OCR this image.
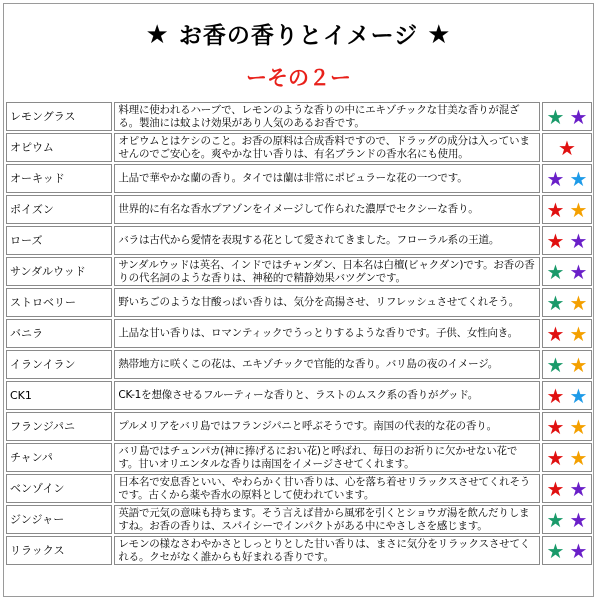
★ お香の香りとイメージ ★
ーその２ー
レモングラス	料理に使われるハーブで、レモンのような香りの中にエキゾチックな甘美な香りが混ざる。製油には蚊よけ効果があり人気のあるお香です。	★ ★
オピウム	オピウムとはケシのこと。お香の原料は合成香料ですので、ドラッグの成分は入っていませんのでご安心を。爽やかな甘い香りは、有名ブランドの香水名にも使用。	★
オーキッド	上品で華やかな蘭の香り。タイでは蘭は非常にポピュラーな花の一つです。	★ ★
ポイズン	世界的に有名な香水プアゾンをイメージして作られた濃厚でセクシーな香り。	★ ★
ローズ	バラは古代から愛情を表現する花として愛されてきました。フローラル系の王道。	★ ★
サンダルウッド	サンダルウッドは英名、インドではチャンダン、日本名は白檀(ビャクダン)です。お香の香りの代名詞のような香りは、神秘的で精静効果バツグンです。	★ ★
ストロベリー	野いちごのような甘酸っぱい香りは、気分を高揚させ、リフレッシュさせてくれそう。	★ ★
バニラ	上品な甘い香りは、ロマンティックでうっとりするような香りです。子供、女性向き。	★ ★
イランイラン	熱帯地方に咲くこの花は、エキゾチックで官能的な香り。バリ島の夜のイメージ。	★ ★
CK1	CK-1を想像させるフルーティーな香りと、ラストのムスク系の香りがグッド。	★ ★
フランジパニ	プルメリアをバリ島ではフランジパニと呼ぶそうです。南国の代表的な花の香り。	★ ★
チャンパ	バリ島ではチュンパカ(神に捧げるにおい花)と呼ばれ、毎日のお祈りに欠かせない花です。甘いオリエンタルな香りは南国をイメージさせてくれます。	★ ★
ベンゾイン	日本名で安息香といい、やわらかく甘い香りは、心を落ち着せリラックスさせてくれそうです。古くから薬や香水の原料として使われています。	★ ★
ジンジャー	英語で元気の意味も持ちます。そう言えば昔から風邪を引くとショウガ湯を飲んだりしますね。お香の香りは、スパイシーでインパクトがある中にやさしさを感じます。	★ ★
リラックス	レモンの様なさわやかさとしっとりとした甘い香りは、まさに気分をリラックスさせてくれる。クセがなく誰からも好まれる香りです。	★ ★
